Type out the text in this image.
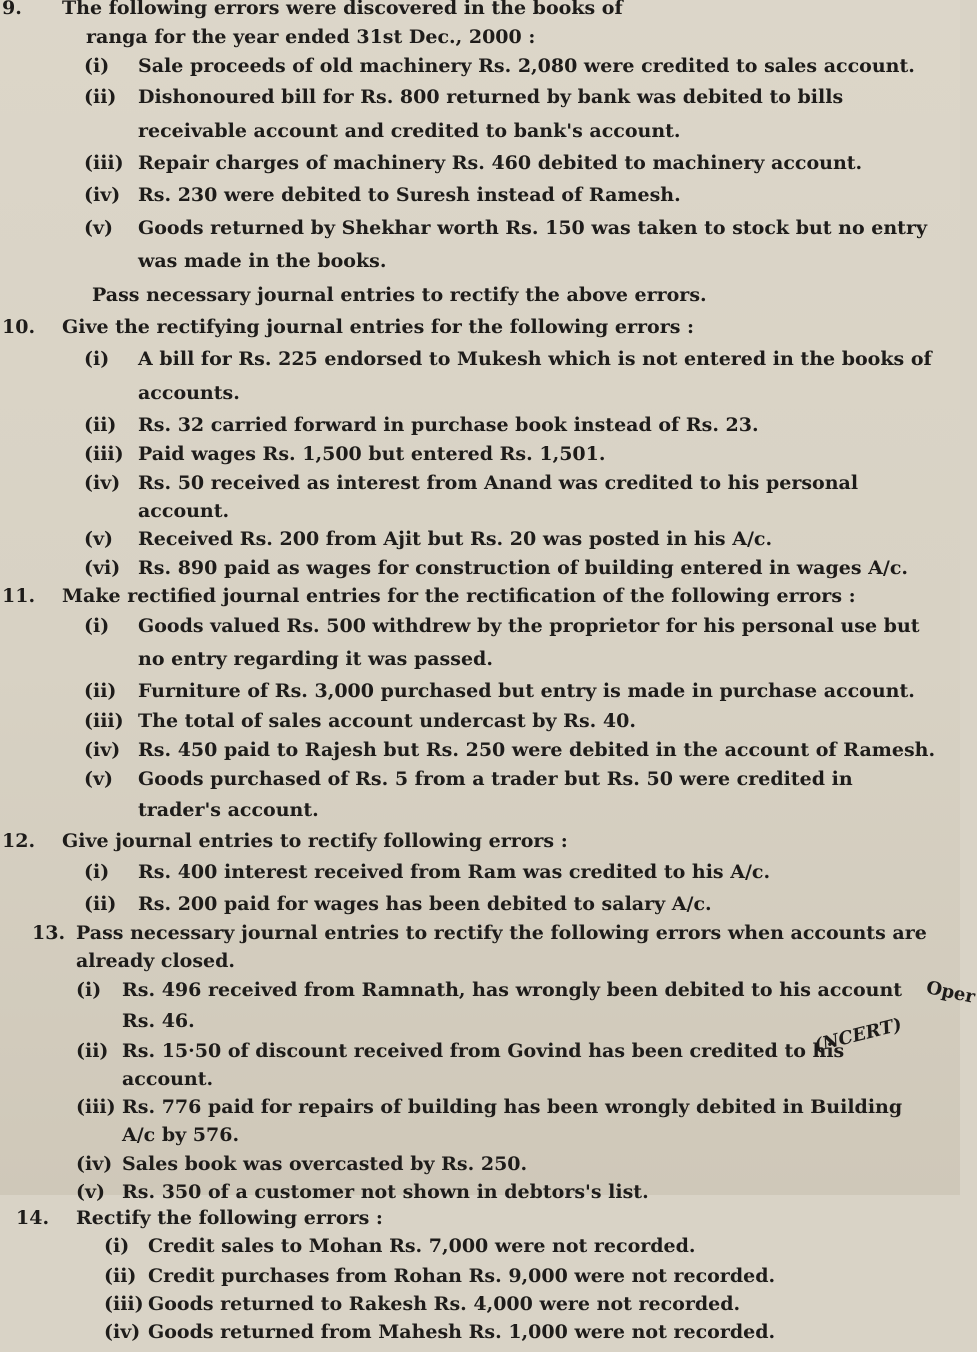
9.	The following errors were discovered in the books of
ranga for the year ended 31st Dec., 2000 :
(i)	Sale proceeds of old machinery Rs. 2,080 were credited to sales account.
(ii)	Dishonoured bill for Rs. 800 returned by bank was debited to bills receivable account and credited to bank's account.
(iii) Repair charges of machinery Rs. 460 debited to machinery account.
(iv) Rs. 230 were debited to Suresh instead of Ramesh.
(v)	Goods returned by Shekhar worth Rs. 150 was taken to stock but no entry was made in the books.
Pass necessary journal entries to rectify the above errors.
10.	Give the rectifying journal entries for the following errors :
(i)	A bill for Rs. 225 endorsed to Mukesh which is not entered in the books of accounts.
(ii)	Rs. 32 carried forward in purchase book instead of Rs. 23.
(iii) Paid wages Rs. 1,500 but entered Rs. 1,501.
(iv) Rs. 50 received as interest from Anand was credited to his personal account.
(v)	Received Rs. 200 from Ajit but Rs. 20 was posted in his A/c.
(vi) Rs. 890 paid as wages for construction of building entered in wages A/c.
11.	Make rectified journal entries for the rectification of the following errors :
(i)	Goods valued Rs. 500 withdrew by the proprietor for his personal use but no entry regarding it was passed.
(ii)	Furniture of Rs. 3,000 purchased but entry is made in purchase account.
(iii) The total of sales account undercast by Rs. 40.
(iv) Rs. 450 paid to Rajesh but Rs. 250 were debited in the account of Ramesh.
(v)	Goods purchased of Rs. 5 from a trader but Rs. 50 were credited in trader's account.
12.	Give journal entries to rectify following errors :
(i)	Rs. 400 interest received from Ram was credited to his A/c.
(ii)	Rs. 200 paid for wages has been debited to salary A/c.
13. Pass necessary journal entries to rectify the following errors when accounts are already closed.
(i)	Rs. 496 received from Ramnath, has wrongly been debited to his account Rs. 46.
(ii) Rs. 15·50 of discount received from Govind has been credited to his account.
(iii) Rs. 776 paid for repairs of building has been wrongly debited in Building A/c by 576.
(iv) Sales book was overcasted by Rs. 250.
(v) Rs. 350 of a customer not shown in debtors's list.
14.	Rectify the following errors :
(i) Credit sales to Mohan Rs. 7,000 were not recorded.
(ii) Credit purchases from Rohan Rs. 9,000 were not recorded.
(iii) Goods returned to Rakesh Rs. 4,000 were not recorded.
(iv) Goods returned from Mahesh Rs. 1,000 were not recorded.
(NCERT)
Oper
